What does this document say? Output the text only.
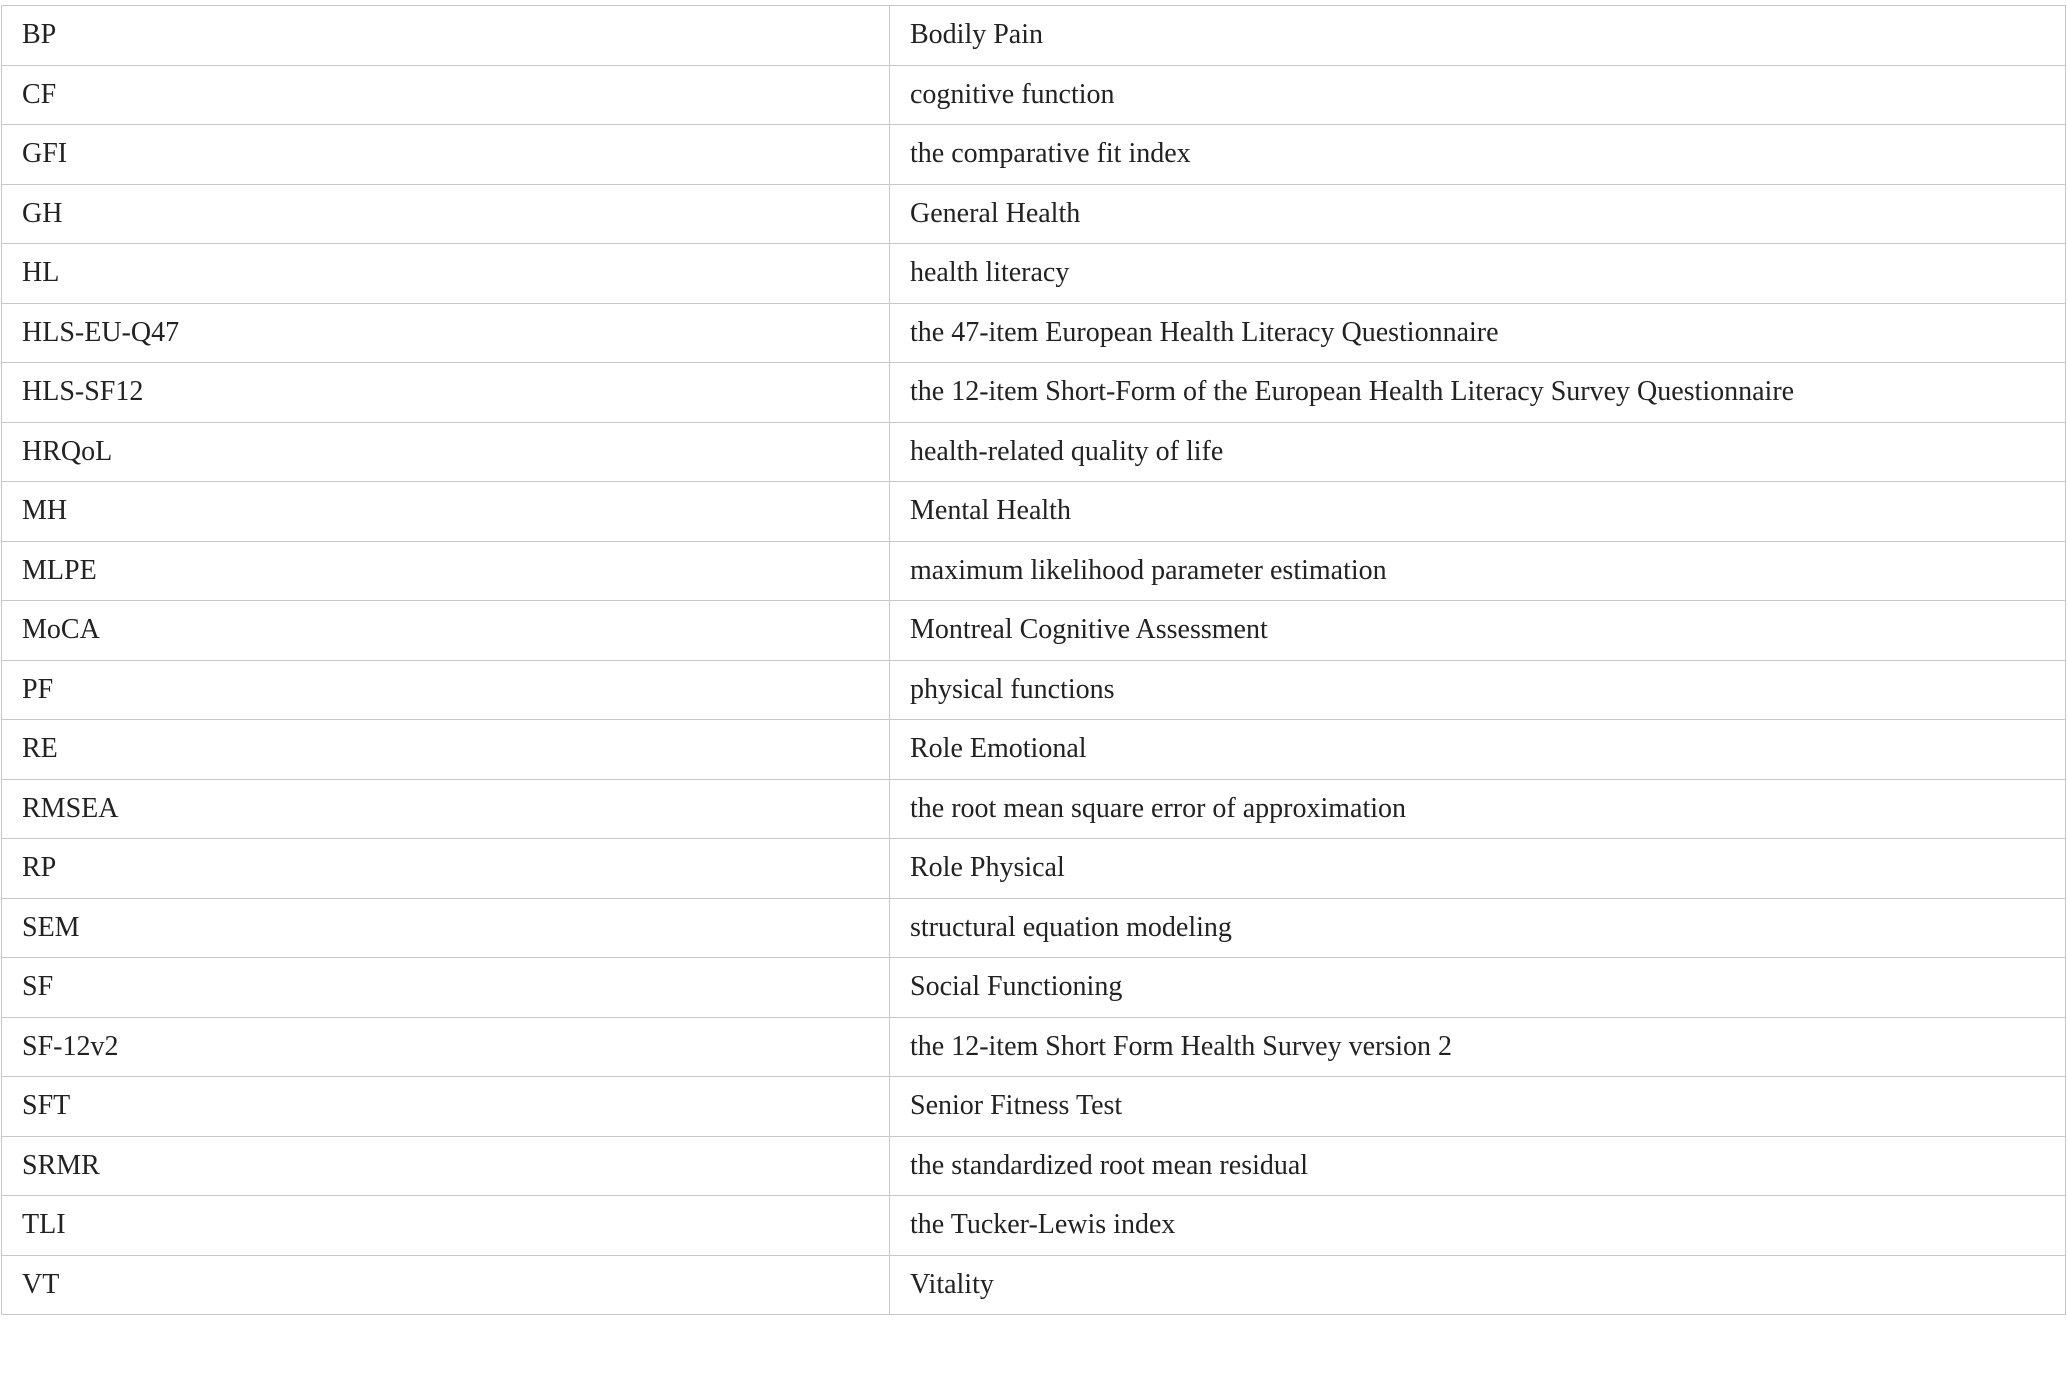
BP	Bodily Pain
CF	cognitive function
GFI	the comparative fit index
GH	General Health
HL	health literacy
HLS-EU-Q47	the 47-item European Health Literacy Questionnaire
HLS-SF12	the 12-item Short-Form of the European Health Literacy Survey Questionnaire
HRQoL	health-related quality of life
MH	Mental Health
MLPE	maximum likelihood parameter estimation
MoCA	Montreal Cognitive Assessment
PF	physical functions
RE	Role Emotional
RMSEA	the root mean square error of approximation
RP	Role Physical
SEM	structural equation modeling
SF	Social Functioning
SF-12v2	the 12-item Short Form Health Survey version 2
SFT	Senior Fitness Test
SRMR	the standardized root mean residual
TLI	the Tucker-Lewis index
VT	Vitality
